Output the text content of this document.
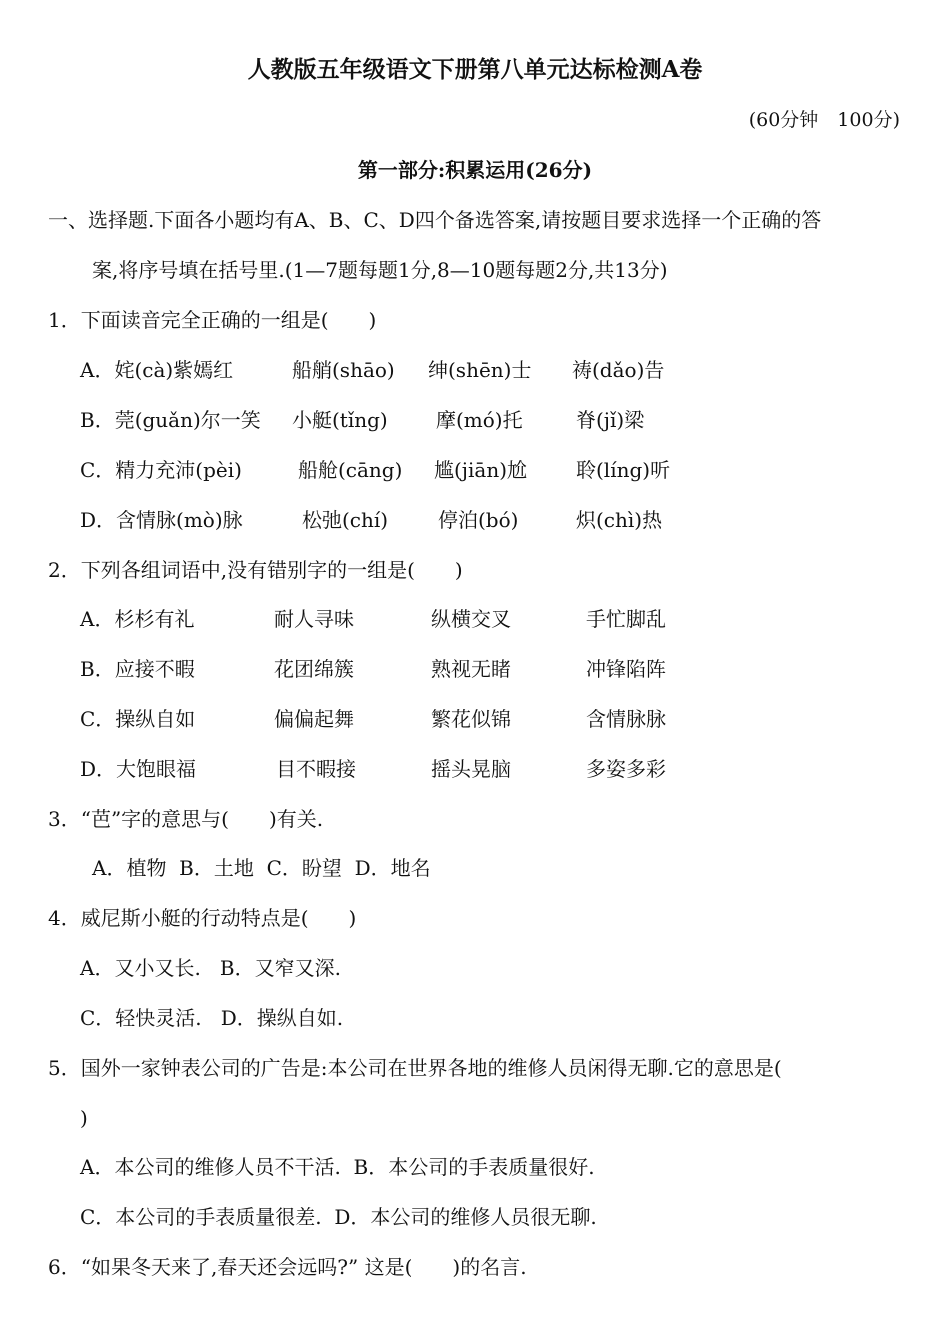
人教版五年级语文下册第八单元达标检测A卷
(60分钟　100分)
第一部分:积累运用(26分)
一、选择题.下面各小题均有A、B、C、D四个备选答案,请按题目要求选择一个正确的答
案,将序号填在括号里.(1—7题每题1分,8—10题每题2分,共13分)
1．下面读音完全正确的一组是(　　)
A．姹(cà)紫嫣红	船艄(shāo) 绅(shēn)士 祷(dǎo)告
B．莞(guǎn)尔一笑 小艇(tǐng) 摩(mó)托	脊(jǐ)梁
C．精力充沛(pèi)	船舱(cāng) 尴(jiān)尬 聆(líng)听
D．含情脉(mò)脉	松弛(chí) 停泊(bó)	炽(chì)热
2．下列各组词语中,没有错别字的一组是(　　)
A．杉杉有礼	耐人寻味	纵横交叉	手忙脚乱
B．应接不暇	花团绵簇	熟视无睹	冲锋陷阵
C．操纵自如	偏偏起舞	繁花似锦	含情脉脉
D．大饱眼福	目不暇接	摇头晃脑	多姿多彩
3．“芭”字的意思与(　　)有关.
A．植物  B．土地  C．盼望  D．地名
4．威尼斯小艇的行动特点是(　　)
A．又小又长.   B．又窄又深.
C．轻快灵活.   D．操纵自如.
5．国外一家钟表公司的广告是:本公司在世界各地的维修人员闲得无聊.它的意思是(
)
A．本公司的维修人员不干活.  B．本公司的手表质量很好.
C．本公司的手表质量很差.  D．本公司的维修人员很无聊.
6．“如果冬天来了,春天还会远吗?” 这是(　　)的名言.
